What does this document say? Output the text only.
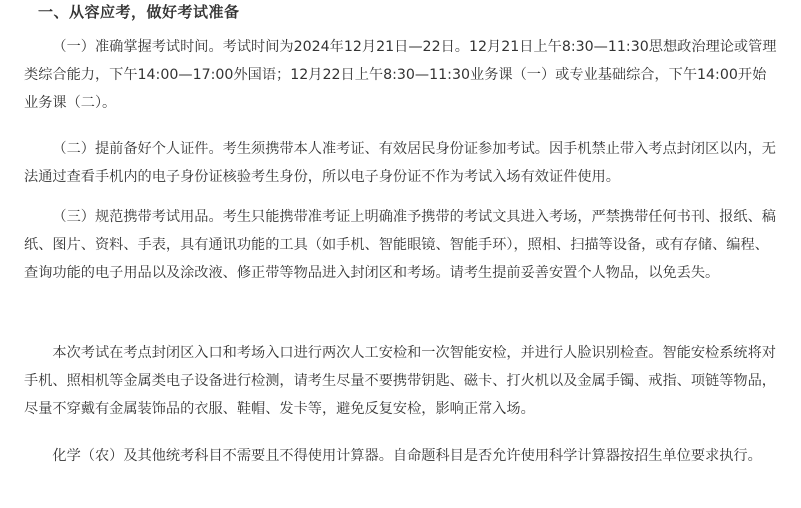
一、从容应考，做好考试准备

（一）准确掌握考试时间。考试时间为2024年12月21日—22日。12月21日上午8:30—11:30思想政治理论或管理类综合能力，下午14:00—17:00外国语；12月22日上午8:30—11:30业务课（一）或专业基础综合，下午14:00开始业务课（二）。

（二）提前备好个人证件。考生须携带本人准考证、有效居民身份证参加考试。因手机禁止带入考点封闭区以内，无法通过查看手机内的电子身份证核验考生身份，所以电子身份证不作为考试入场有效证件使用。

（三）规范携带考试用品。考生只能携带准考证上明确准予携带的考试文具进入考场，严禁携带任何书刊、报纸、稿纸、图片、资料、手表，具有通讯功能的工具（如手机、智能眼镜、智能手环），照相、扫描等设备，或有存储、编程、查询功能的电子用品以及涂改液、修正带等物品进入封闭区和考场。请考生提前妥善安置个人物品，以免丢失。

本次考试在考点封闭区入口和考场入口进行两次人工安检和一次智能安检，并进行人脸识别检查。智能安检系统将对手机、照相机等金属类电子设备进行检测，请考生尽量不要携带钥匙、磁卡、打火机以及金属手镯、戒指、项链等物品，尽量不穿戴有金属装饰品的衣服、鞋帽、发卡等，避免反复安检，影响正常入场。

化学（农）及其他统考科目不需要且不得使用计算器。自命题科目是否允许使用科学计算器按招生单位要求执行。
